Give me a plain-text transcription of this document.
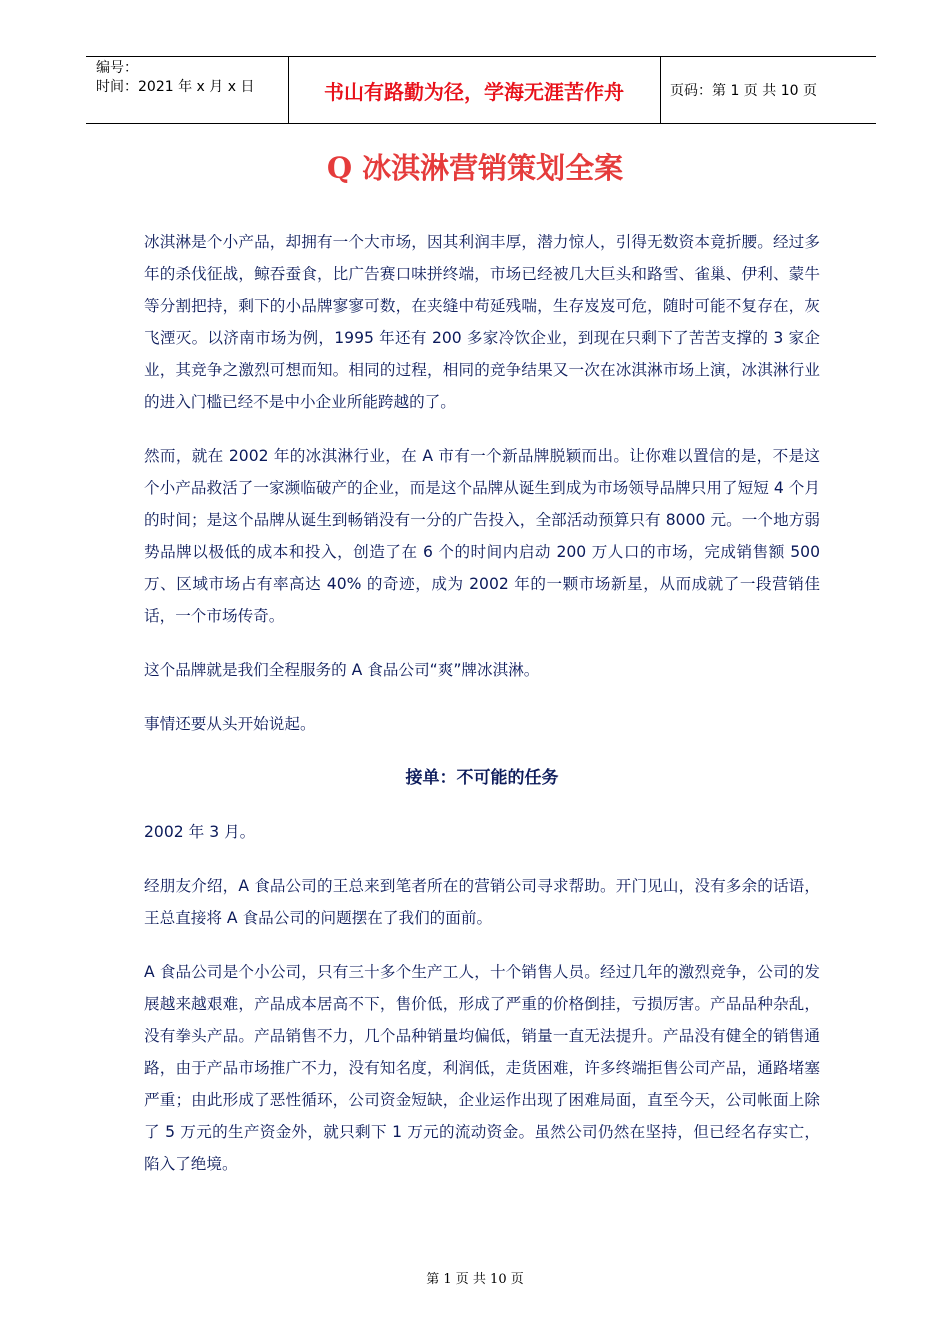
编号：
时间：2021 年 x 月 x 日	书山有路勤为径，学海无涯苦作舟	页码：第 1 页 共 10 页
Q 冰淇淋营销策划全案

冰淇淋是个小产品，却拥有一个大市场，因其利润丰厚，潜力惊人，引得无数资本竟折腰。经过多年的杀伐征战，鲸吞蚕食，比广告赛口味拼终端，市场已经被几大巨头和路雪、雀巢、伊利、蒙牛等分割把持，剩下的小品牌寥寥可数，在夹缝中苟延残喘，生存岌岌可危，随时可能不复存在，灰飞湮灭。以济南市场为例，1995 年还有 200 多家冷饮企业，到现在只剩下了苦苦支撑的 3 家企业，其竞争之激烈可想而知。相同的过程，相同的竞争结果又一次在冰淇淋市场上演，冰淇淋行业的进入门槛已经不是中小企业所能跨越的了。

然而，就在 2002 年的冰淇淋行业，在 A 市有一个新品牌脱颖而出。让你难以置信的是，不是这个小产品救活了一家濒临破产的企业，而是这个品牌从诞生到成为市场领导品牌只用了短短 4 个月的时间；是这个品牌从诞生到畅销没有一分的广告投入，全部活动预算只有 8000 元。一个地方弱势品牌以极低的成本和投入，创造了在 6 个的时间内启动 200 万人口的市场，完成销售额 500 万、区域市场占有率高达 40% 的奇迹，成为 2002 年的一颗市场新星，从而成就了一段营销佳话，一个市场传奇。

这个品牌就是我们全程服务的 A 食品公司“爽”牌冰淇淋。

事情还要从头开始说起。

接单：不可能的任务

2002 年 3 月。

经朋友介绍，A 食品公司的王总来到笔者所在的营销公司寻求帮助。开门见山，没有多余的话语，王总直接将 A 食品公司的问题摆在了我们的面前。

A 食品公司是个小公司，只有三十多个生产工人，十个销售人员。经过几年的激烈竞争，公司的发展越来越艰难，产品成本居高不下，售价低，形成了严重的价格倒挂，亏损厉害。产品品种杂乱，没有拳头产品。产品销售不力，几个品种销量均偏低，销量一直无法提升。产品没有健全的销售通路，由于产品市场推广不力，没有知名度，利润低，走货困难，许多终端拒售公司产品，通路堵塞严重；由此形成了恶性循环，公司资金短缺，企业运作出现了困难局面，直至今天，公司帐面上除了 5 万元的生产资金外，就只剩下 1 万元的流动资金。虽然公司仍然在坚持，但已经名存实亡，陷入了绝境。

第 1 页 共 10 页
